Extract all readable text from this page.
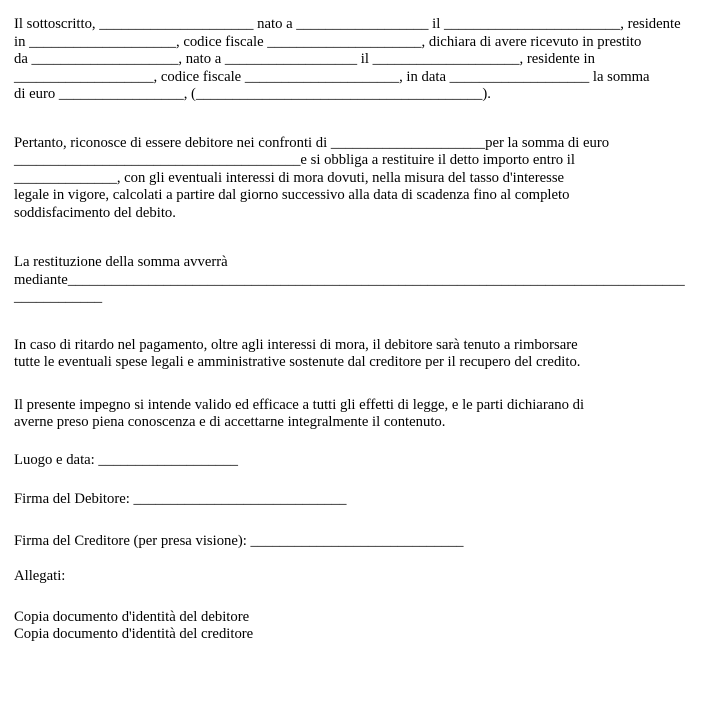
Il sottoscritto, _____________________ nato a __________________ il ________________________, residente
in ____________________, codice fiscale _____________________, dichiara di avere ricevuto in prestito
da ____________________, nato a __________________ il ____________________, residente in
___________________, codice fiscale _____________________, in data ___________________ la somma
di euro _________________, (_______________________________________).
Pertanto, riconosce di essere debitore nei confronti di _____________________per la somma di euro
_______________________________________e si obbliga a restituire il detto importo entro il
______________, con gli eventuali interessi di mora dovuti, nella misura del tasso d'interesse
legale in vigore, calcolati a partire dal giorno successivo alla data di scadenza fino al completo
soddisfacimento del debito.
La restituzione della somma avverrà
mediante____________________________________________________________________________________
____________
In caso di ritardo nel pagamento, oltre agli interessi di mora, il debitore sarà tenuto a rimborsare
tutte le eventuali spese legali e amministrative sostenute dal creditore per il recupero del credito.
Il presente impegno si intende valido ed efficace a tutti gli effetti di legge, e le parti dichiarano di
averne preso piena conoscenza e di accettarne integralmente il contenuto.
Luogo e data: ___________________
Firma del Debitore: _____________________________
Firma del Creditore (per presa visione): _____________________________
Allegati:
Copia documento d'identità del debitore
Copia documento d'identità del creditore
